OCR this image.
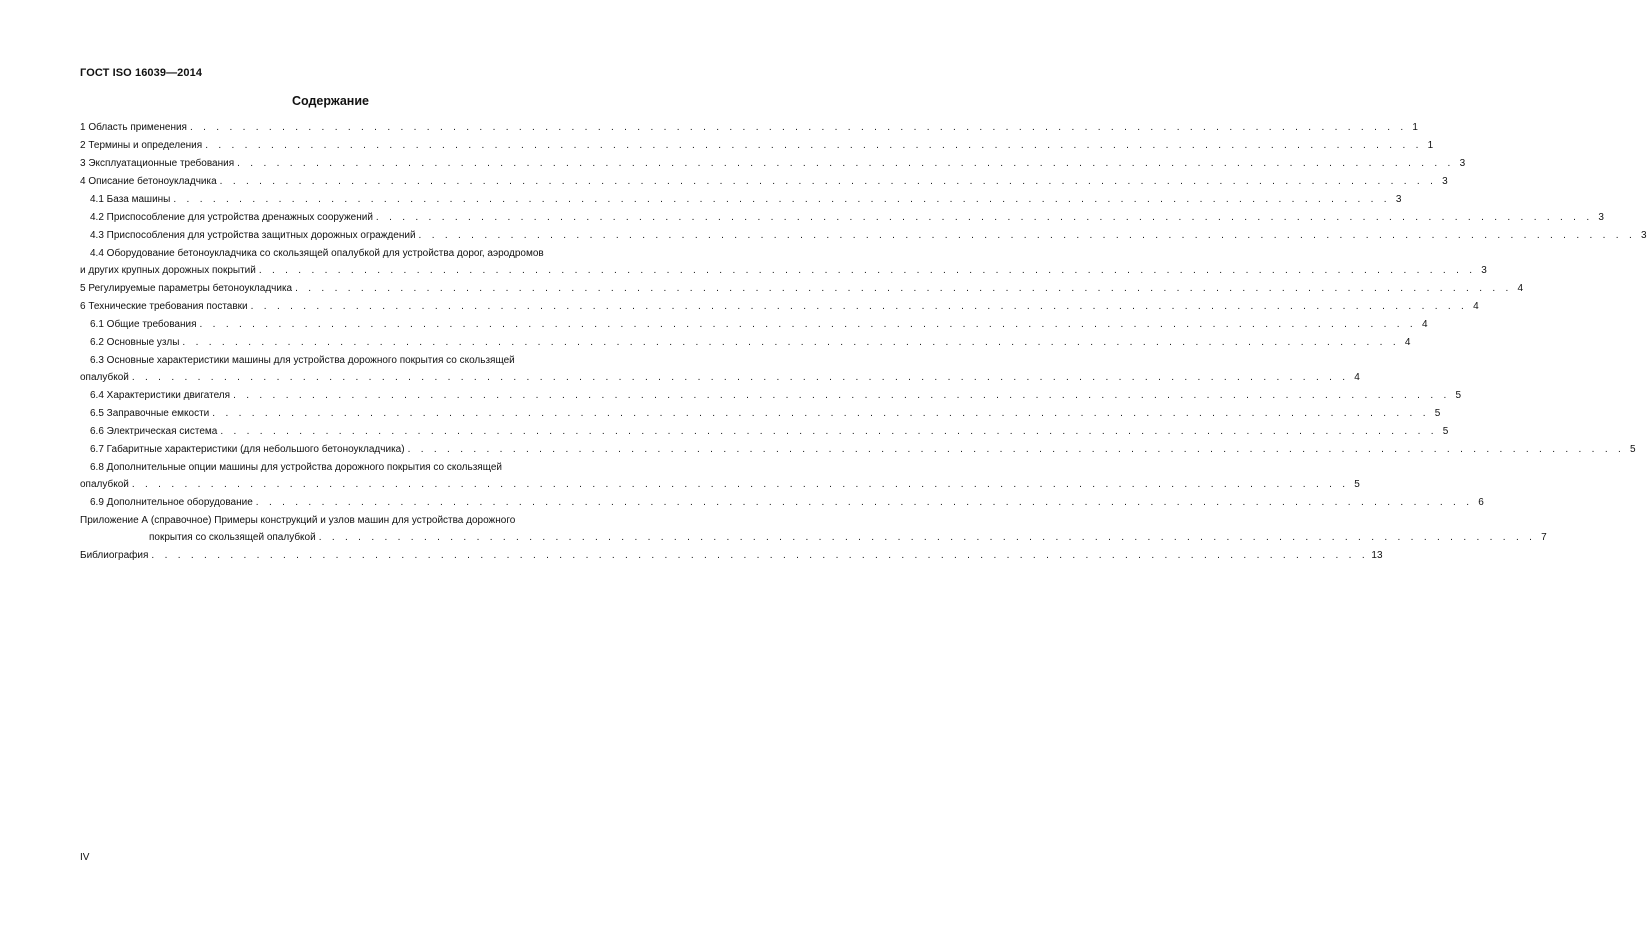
ГОСТ ISO 16039—2014
Содержание
1 Область применения . . . . . . . . . . . . . . . . . . . . . . . . . . . . . . . . . . . . . . . . . . . . . . . . . . . . . . . . . . . . . . . . . . . . . . . . . . . . . . . . . . . . . . . . . . . . . 1
2 Термины и определения . . . . . . . . . . . . . . . . . . . . . . . . . . . . . . . . . . . . . . . . . . . . . . . . . . . . . . . . . . . . . . . . . . . . . . . . . . . . . . . . . . . . . . . . . . . . . 1
3 Эксплуатационные требования . . . . . . . . . . . . . . . . . . . . . . . . . . . . . . . . . . . . . . . . . . . . . . . . . . . . . . . . . . . . . . . . . . . . . . . . . . . . . . . . . . . . . . . . . . . . . 3
4 Описание бетоноукладчика . . . . . . . . . . . . . . . . . . . . . . . . . . . . . . . . . . . . . . . . . . . . . . . . . . . . . . . . . . . . . . . . . . . . . . . . . . . . . . . . . . . . . . . . . . . . . 3
4.1 База машины . . . . . . . . . . . . . . . . . . . . . . . . . . . . . . . . . . . . . . . . . . . . . . . . . . . . . . . . . . . . . . . . . . . . . . . . . . . . . . . . . . . . . . . . . . . . . 3
4.2 Приспособление для устройства дренажных сооружений . . . . . . . . . . . . . . . . . . . . . . . . . . . . . . . . . . . . . . . . . . . . . . . . . . . . . . . . . . . . . . . . . . . . . . . . . . . . . . . . . . . . . . . . . . . . . 3
4.3 Приспособления для устройства защитных дорожных ограждений . . . . . . . . . . . . . . . . . . . . . . . . . . . . . . . . . . . . . . . . . . . . . . . . . . . . . . . . . . . . . . . . . . . . . . . . . . . . . . . . . . . . . . . . . . . . . 3
4.4 Оборудование бетоноукладчика со скользящей опалубкой для устройства дорог, аэродромов
и других крупных дорожных покрытий . . . . . . . . . . . . . . . . . . . . . . . . . . . . . . . . . . . . . . . . . . . . . . . . . . . . . . . . . . . . . . . . . . . . . . . . . . . . . . . . . . . . . . . . . . . . . 3
5 Регулируемые параметры бетоноукладчика . . . . . . . . . . . . . . . . . . . . . . . . . . . . . . . . . . . . . . . . . . . . . . . . . . . . . . . . . . . . . . . . . . . . . . . . . . . . . . . . . . . . . . . . . . . . . 4
6 Технические требования поставки . . . . . . . . . . . . . . . . . . . . . . . . . . . . . . . . . . . . . . . . . . . . . . . . . . . . . . . . . . . . . . . . . . . . . . . . . . . . . . . . . . . . . . . . . . . . . 4
6.1 Общие требования . . . . . . . . . . . . . . . . . . . . . . . . . . . . . . . . . . . . . . . . . . . . . . . . . . . . . . . . . . . . . . . . . . . . . . . . . . . . . . . . . . . . . . . . . . . . . 4
6.2 Основные узлы . . . . . . . . . . . . . . . . . . . . . . . . . . . . . . . . . . . . . . . . . . . . . . . . . . . . . . . . . . . . . . . . . . . . . . . . . . . . . . . . . . . . . . . . . . . . . 4
6.3 Основные характеристики машины для устройства дорожного покрытия со скользящей
опалубкой . . . . . . . . . . . . . . . . . . . . . . . . . . . . . . . . . . . . . . . . . . . . . . . . . . . . . . . . . . . . . . . . . . . . . . . . . . . . . . . . . . . . . . . . . . . . . 4
6.4 Характеристики двигателя . . . . . . . . . . . . . . . . . . . . . . . . . . . . . . . . . . . . . . . . . . . . . . . . . . . . . . . . . . . . . . . . . . . . . . . . . . . . . . . . . . . . . . . . . . . . . 5
6.5 Заправочные емкости . . . . . . . . . . . . . . . . . . . . . . . . . . . . . . . . . . . . . . . . . . . . . . . . . . . . . . . . . . . . . . . . . . . . . . . . . . . . . . . . . . . . . . . . . . . . . 5
6.6 Электрическая система . . . . . . . . . . . . . . . . . . . . . . . . . . . . . . . . . . . . . . . . . . . . . . . . . . . . . . . . . . . . . . . . . . . . . . . . . . . . . . . . . . . . . . . . . . . . . 5
6.7 Габаритные характеристики (для небольшого бетоноукладчика) . . . . . . . . . . . . . . . . . . . . . . . . . . . . . . . . . . . . . . . . . . . . . . . . . . . . . . . . . . . . . . . . . . . . . . . . . . . . . . . . . . . . . . . . . . . . . 5
6.8 Дополнительные опции машины для устройства дорожного покрытия со скользящей
опалубкой . . . . . . . . . . . . . . . . . . . . . . . . . . . . . . . . . . . . . . . . . . . . . . . . . . . . . . . . . . . . . . . . . . . . . . . . . . . . . . . . . . . . . . . . . . . . . 5
6.9 Дополнительное оборудование . . . . . . . . . . . . . . . . . . . . . . . . . . . . . . . . . . . . . . . . . . . . . . . . . . . . . . . . . . . . . . . . . . . . . . . . . . . . . . . . . . . . . . . . . . . . . 6
Приложение А (справочное) Примеры конструкций и узлов машин для устройства дорожного
покрытия со скользящей опалубкой . . . . . . . . . . . . . . . . . . . . . . . . . . . . . . . . . . . . . . . . . . . . . . . . . . . . . . . . . . . . . . . . . . . . . . . . . . . . . . . . . . . . . . . . . . . . . 7
Библиография . . . . . . . . . . . . . . . . . . . . . . . . . . . . . . . . . . . . . . . . . . . . . . . . . . . . . . . . . . . . . . . . . . . . . . . . . . . . . . . . . . . . . . . . . . . . . 13
IV
